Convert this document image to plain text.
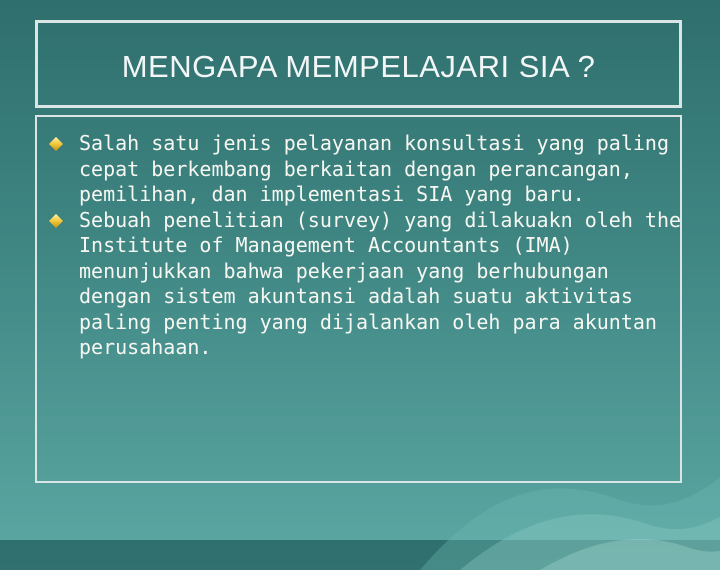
MENGAPA MEMPELAJARI SIA ?
Salah satu jenis pelayanan konsultasi yang paling cepat berkembang berkaitan dengan perancangan, pemilihan, dan implementasi SIA yang baru.
Sebuah penelitian (survey) yang dilakuakn oleh the Institute of Management Accountants (IMA) menunjukkan bahwa pekerjaan yang berhubungan dengan sistem akuntansi adalah suatu aktivitas paling penting yang dijalankan oleh para akuntan perusahaan.
